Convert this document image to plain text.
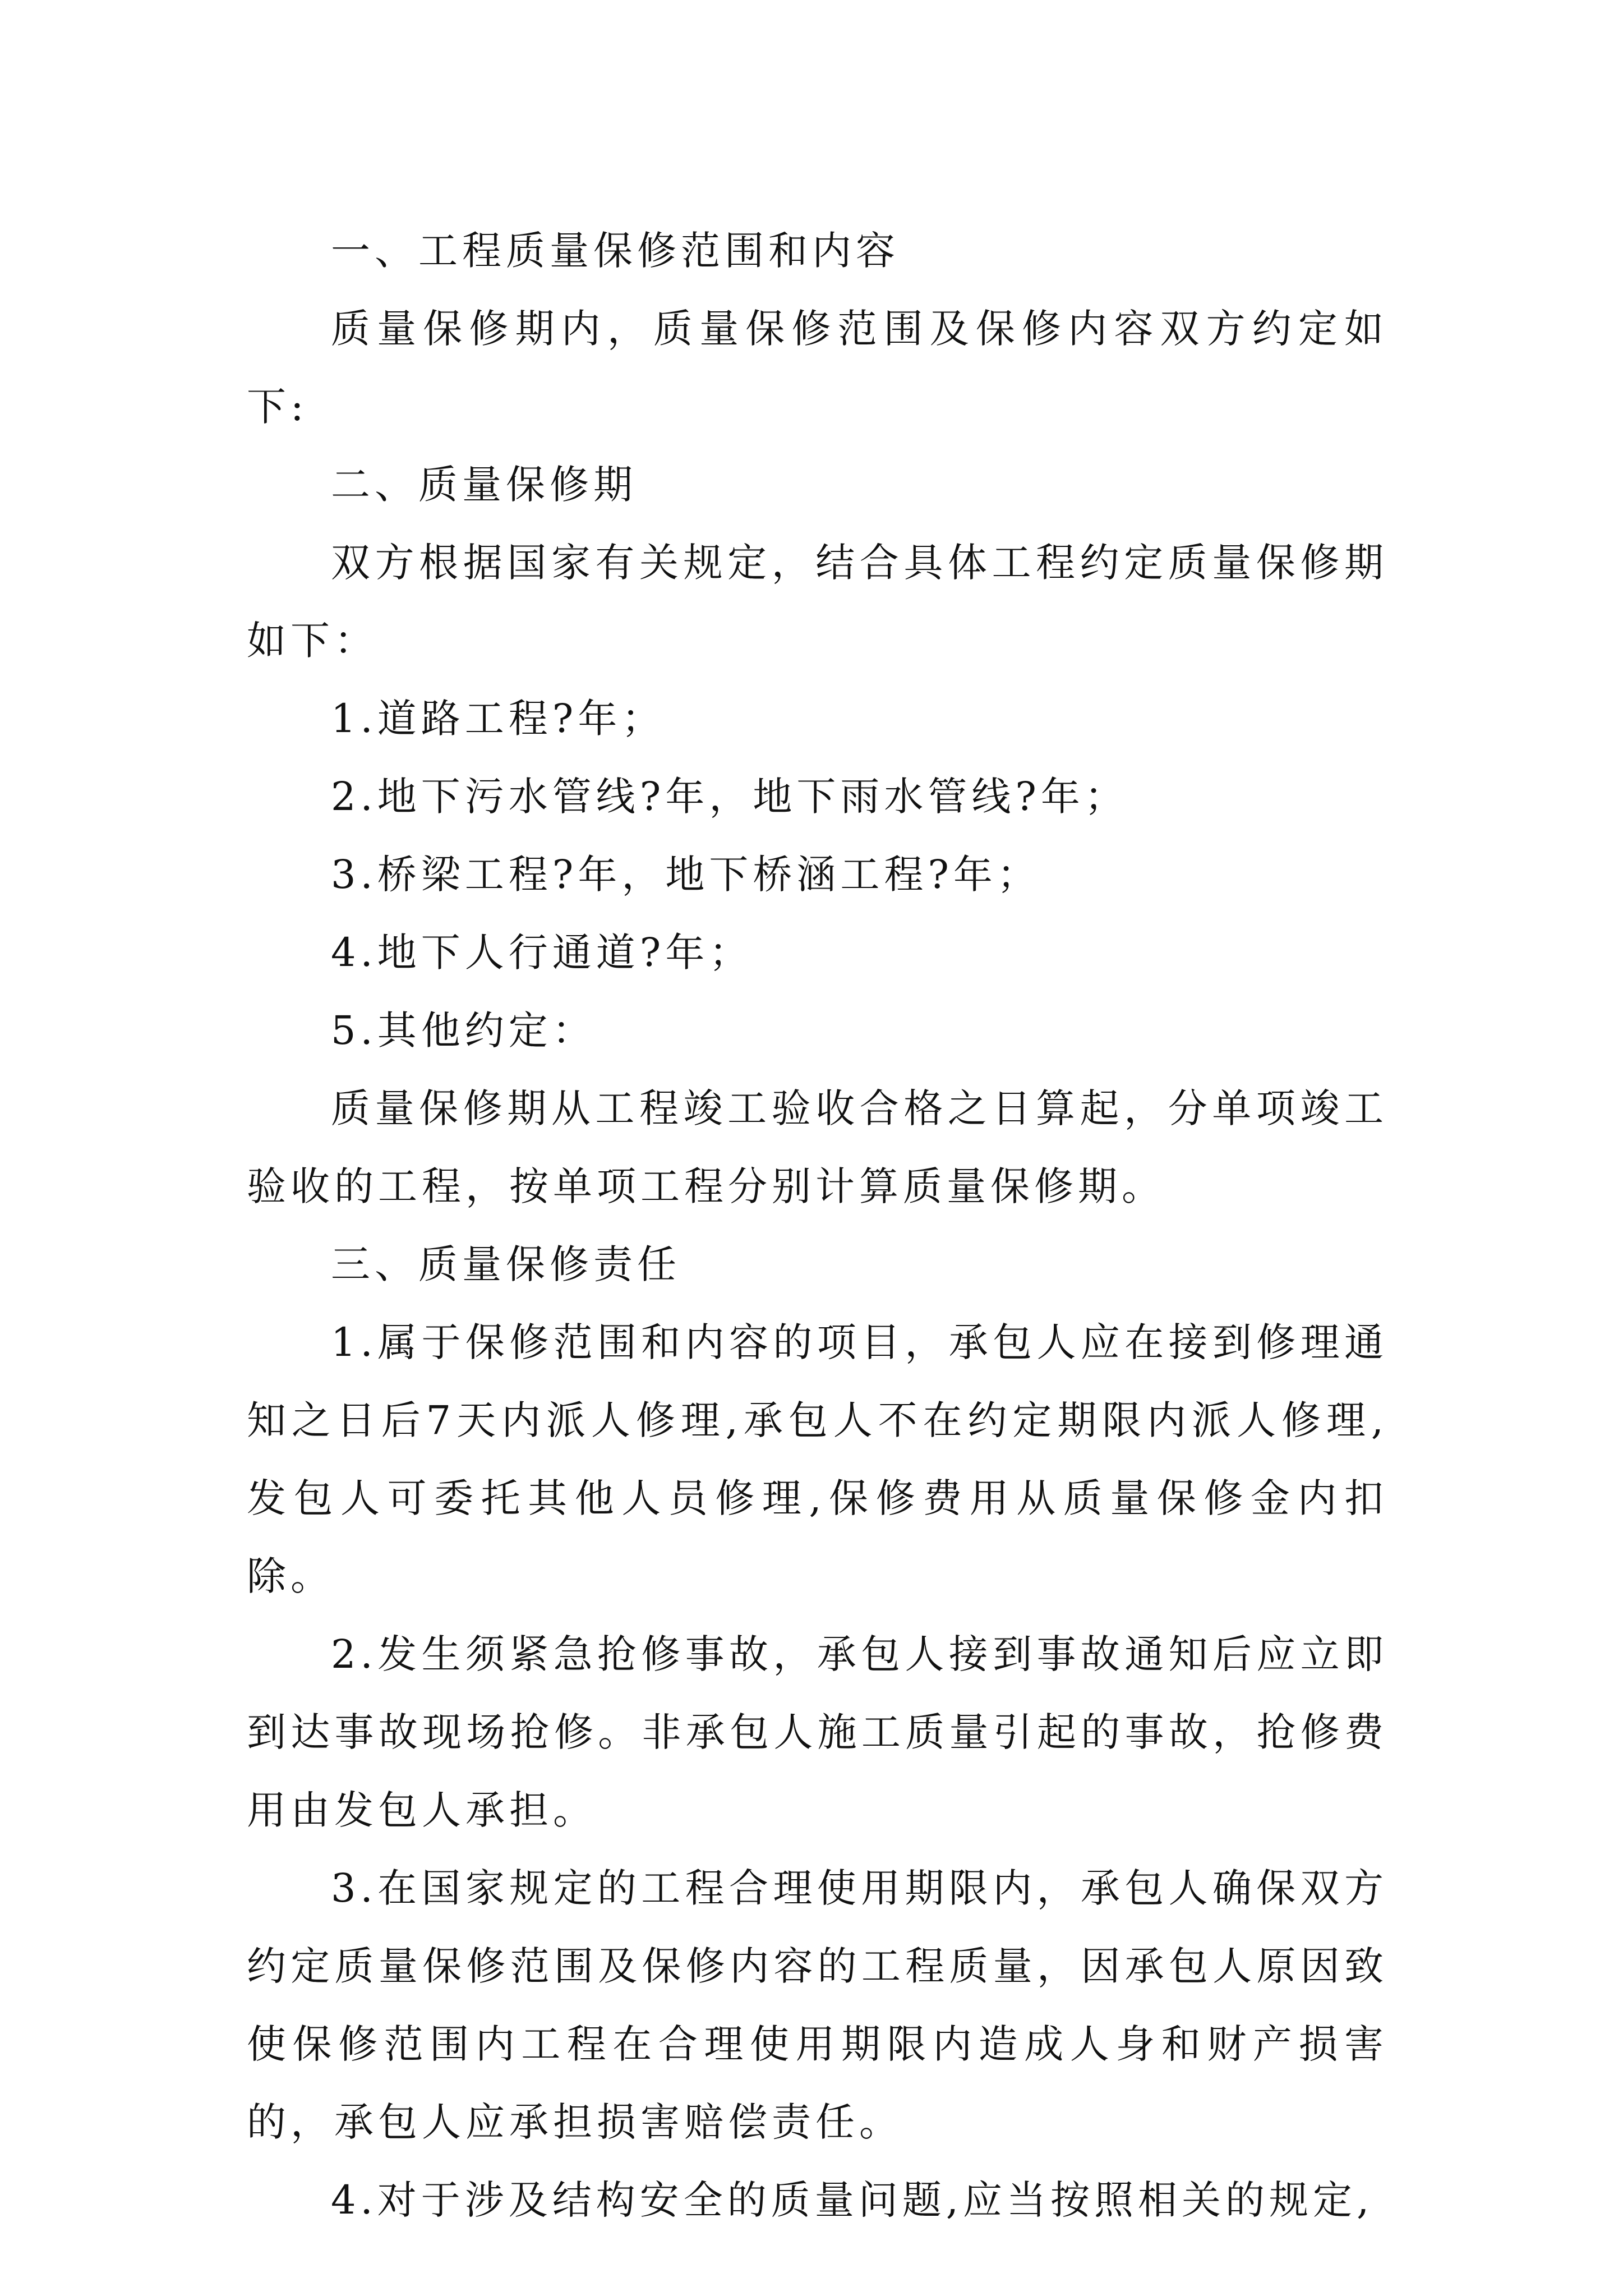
一、工程质量保修范围和内容

质量保修期内，质量保修范围及保修内容双方约定如下:

二、质量保修期

双方根据国家有关规定，结合具体工程约定质量保修期如下：

1.道路工程?年；

2.地下污水管线?年，地下雨水管线?年；

3.桥梁工程?年，地下桥涵工程?年；

4.地下人行通道?年；

5.其他约定：

质量保修期从工程竣工验收合格之日算起，分单项竣工验收的工程，按单项工程分别计算质量保修期。

三、质量保修责任

1.属于保修范围和内容的项目，承包人应在接到修理通知之日后7天内派人修理,承包人不在约定期限内派人修理,发包人可委托其他人员修理,保修费用从质量保修金内扣除。

2.发生须紧急抢修事故，承包人接到事故通知后应立即到达事故现场抢修。非承包人施工质量引起的事故，抢修费用由发包人承担。

3.在国家规定的工程合理使用期限内，承包人确保双方约定质量保修范围及保修内容的工程质量，因承包人原因致使保修范围内工程在合理使用期限内造成人身和财产损害的，承包人应承担损害赔偿责任。

4.对于涉及结构安全的质量问题,应当按照相关的规定,
